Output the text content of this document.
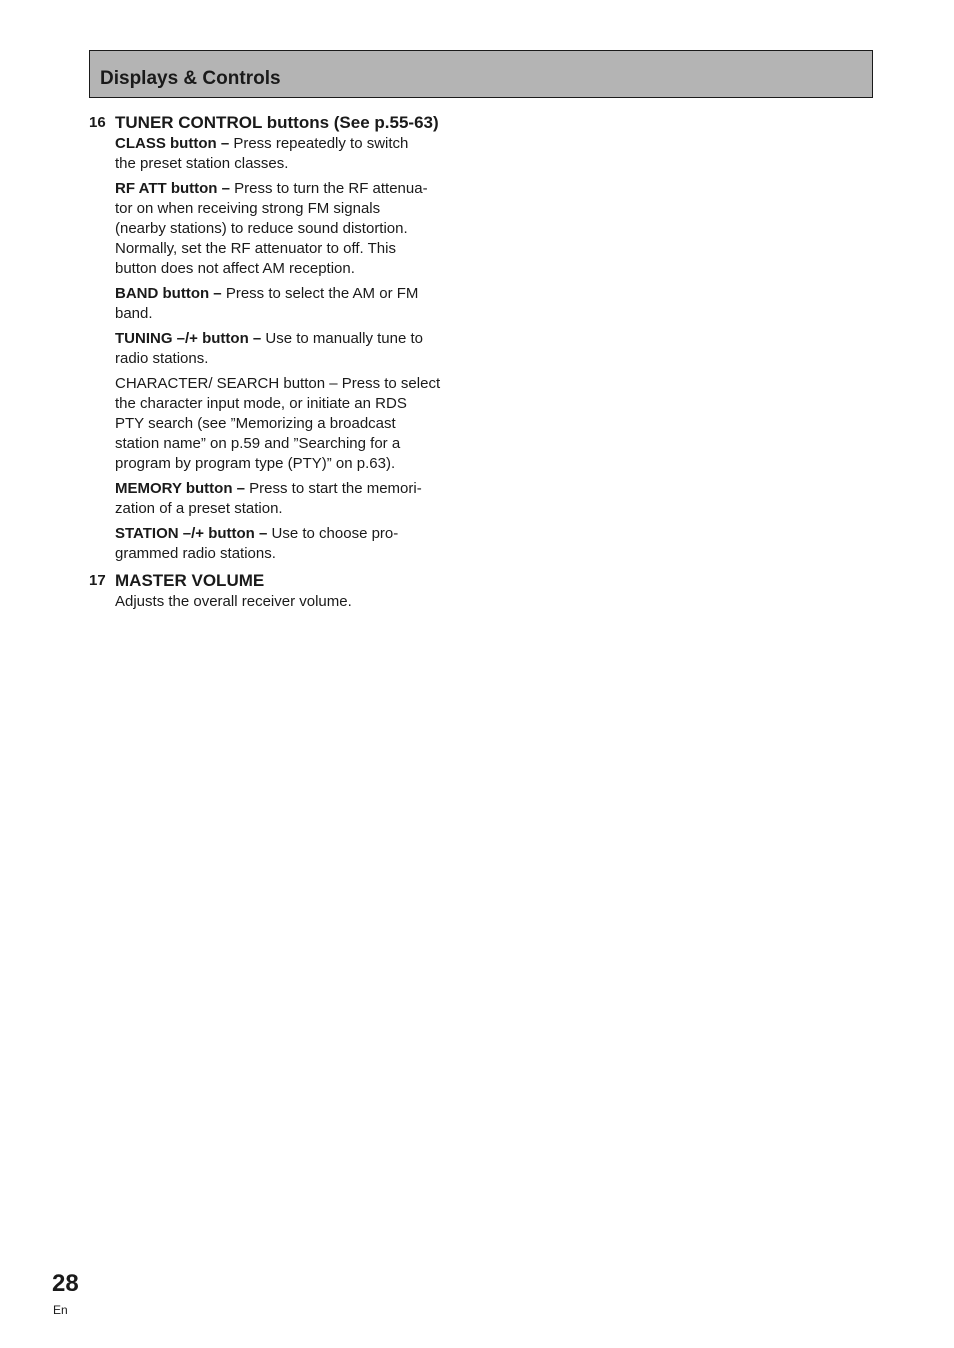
Displays & Controls
16 TUNER CONTROL buttons (See p.55-63)

CLASS button – Press repeatedly to switch
the preset station classes.

RF ATT button – Press to turn the RF attenua-
tor on when receiving strong FM signals
(nearby stations) to reduce sound distortion.
Normally, set the RF attenuator to off. This
button does not affect AM reception.

BAND button – Press to select the AM or FM
band.

TUNING –/+ button – Use to manually tune to
radio stations.

CHARACTER/ SEARCH button – Press to select
the character input mode, or initiate an RDS
PTY search (see ”Memorizing a broadcast
station name” on p.59 and ”Searching for a
program by program type (PTY)” on p.63).

MEMORY button – Press to start the memori-
zation of a preset station.

STATION –/+ button – Use to choose pro-
grammed radio stations.

17 MASTER VOLUME

Adjusts the overall receiver volume.

28
En
